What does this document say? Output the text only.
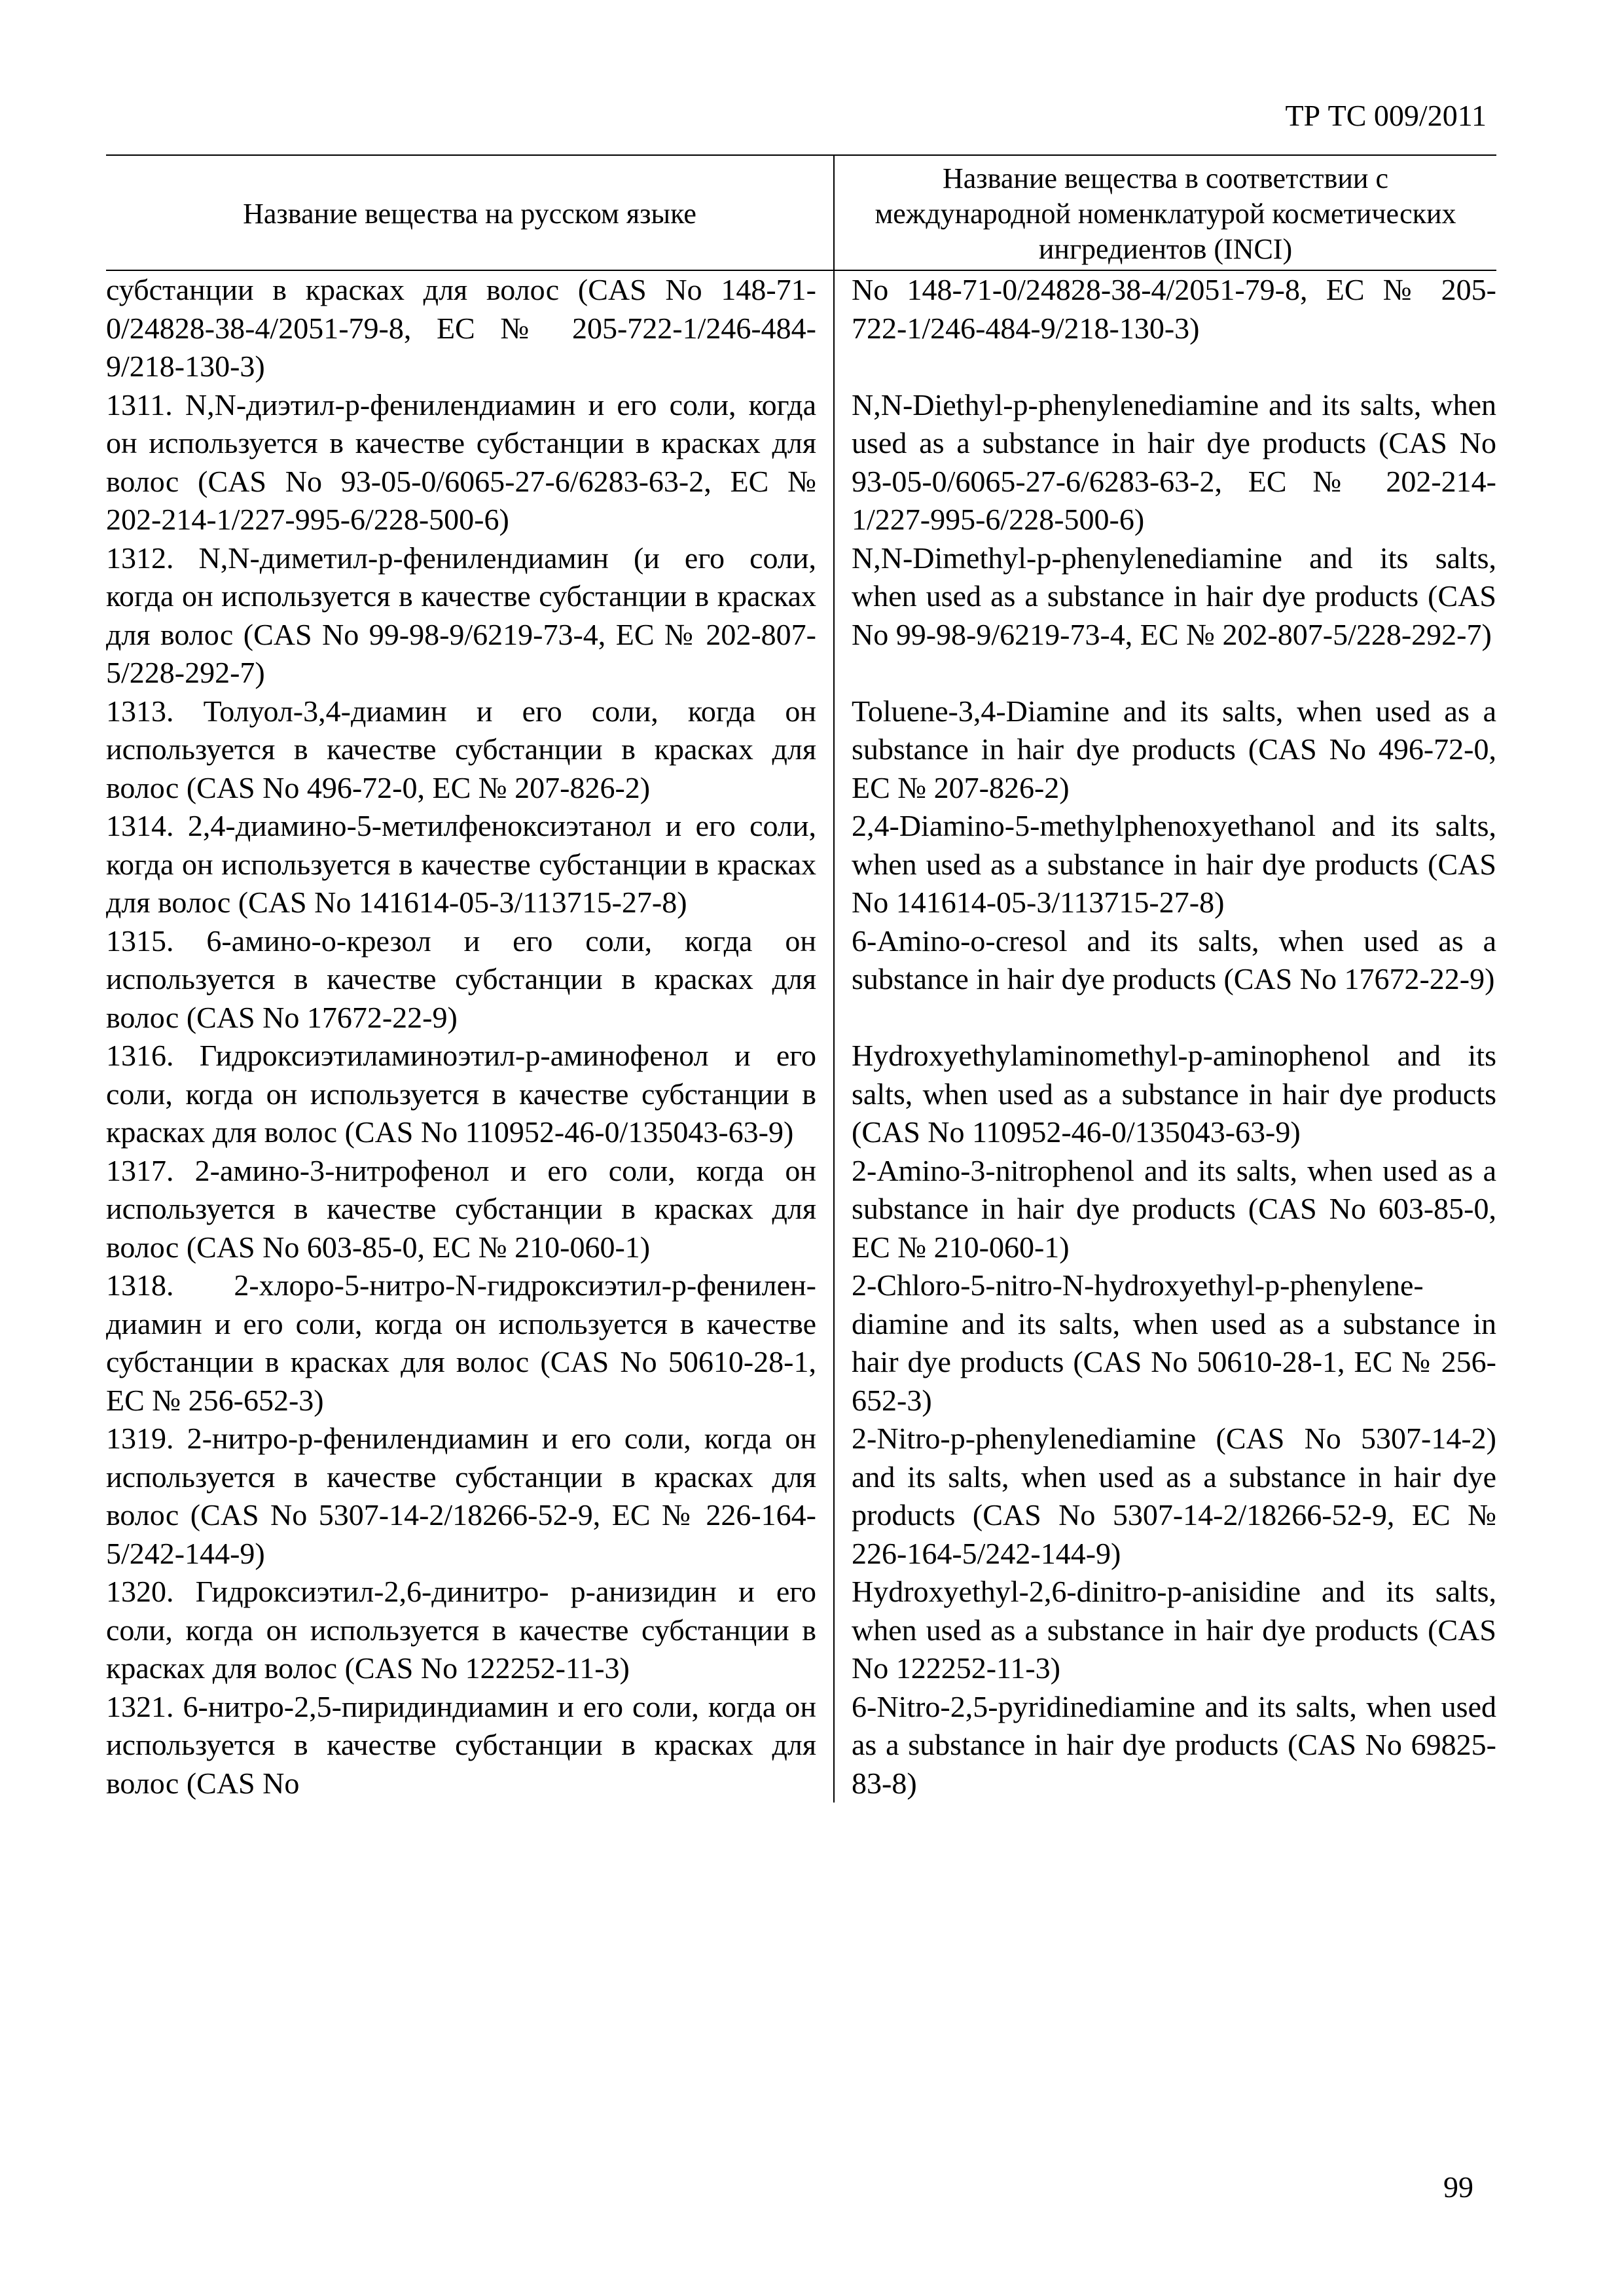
ТР ТС 009/2011
Название вещества на русском языке	Название вещества в соответствии с международной номенклатурой косметических ингредиентов (INCI)
субстанции в красках для волос (CAS No 148-71-0/24828-38-4/2051-79-8, EC № 205-722-1/246-484-9/218-130-3)	No 148-71-0/24828-38-4/2051-79-8, EC № 205-722-1/246-484-9/218-130-3)
1311. N,N-диэтил-р-фенилендиамин и его соли, когда он используется в качестве субстанции в красках для волос (CAS No 93-05-0/6065-27-6/6283-63-2, EC № 202-214-1/227-995-6/228-500-6)	N,N-Diethyl-p-phenylenediamine and its salts, when used as a substance in hair dye products (CAS No 93-05-0/6065-27-6/6283-63-2, EC № 202-214-1/227-995-6/228-500-6)
1312. N,N-диметил-р-фенилендиамин (и его соли, когда он используется в качестве субстанции в красках для волос (CAS No 99-98-9/6219-73-4, EC № 202-807-5/228-292-7)	N,N-Dimethyl-p-phenylenediamine and its salts, when used as a substance in hair dye products (CAS No 99-98-9/6219-73-4, EC № 202-807-5/228-292-7)
1313. Толуол-3,4-диамин и его соли, когда он используется в качестве субстанции в красках для волос (CAS No 496-72-0, EC № 207-826-2)	Toluene-3,4-Diamine and its salts, when used as a substance in hair dye products (CAS No 496-72-0, EC № 207-826-2)
1314. 2,4-диамино-5-метилфеноксиэтанол и его соли, когда он используется в качестве субстанции в красках для волос (CAS No 141614-05-3/113715-27-8)	2,4-Diamino-5-methylphenoxyethanol and its salts, when used as a substance in hair dye products (CAS No 141614-05-3/113715-27-8)
1315. 6-амино-о-крезол и его соли, когда он используется в качестве субстанции в красках для волос (CAS No 17672-22-9)	6-Amino-o-cresol and its salts, when used as a substance in hair dye products (CAS No 17672-22-9)
1316. Гидроксиэтиламиноэтил-р-аминофенол и его соли, когда он используется в качестве субстанции в красках для волос (CAS No 110952-46-0/135043-63-9)	Hydroxyethylaminomethyl-p-aminophenol and its salts, when used as a substance in hair dye products (CAS No 110952-46-0/135043-63-9)
1317. 2-амино-3-нитрофенол и его соли, когда он используется в качестве субстанции в красках для волос (CAS No 603-85-0, EC № 210-060-1)	2-Amino-3-nitrophenol and its salts, when used as a substance in hair dye products (CAS No 603-85-0, EC № 210-060-1)
1318. 2-хлоро-5-нитро-N-гидроксиэтил-р-фенилен-диамин и его соли, когда он используется в качестве субстанции в красках для волос (CAS No 50610-28-1, EC № 256-652-3)	2-Chloro-5-nitro-N-hydroxyethyl-p-phenylene-diamine and its salts, when used as a substance in hair dye products (CAS No 50610-28-1, EC № 256-652-3)
1319. 2-нитро-р-фенилендиамин и его соли, когда он используется в качестве субстанции в красках для волос (CAS No 5307-14-2/18266-52-9, EC № 226-164-5/242-144-9)	2-Nitro-p-phenylenediamine (CAS No 5307-14-2) and its salts, when used as a substance in hair dye products (CAS No 5307-14-2/18266-52-9, EC № 226-164-5/242-144-9)
1320. Гидроксиэтил-2,6-динитро- р-анизидин и его соли, когда он используется в качестве субстанции в красках для волос (CAS No 122252-11-3)	Hydroxyethyl-2,6-dinitro-p-anisidine and its salts, when used as a substance in hair dye products (CAS No 122252-11-3)
1321. 6-нитро-2,5-пиридиндиамин и его соли, когда он используется в качестве субстанции в красках для волос (CAS No	6-Nitro-2,5-pyridinediamine and its salts, when used as a substance in hair dye products (CAS No 69825-83-8)
99
